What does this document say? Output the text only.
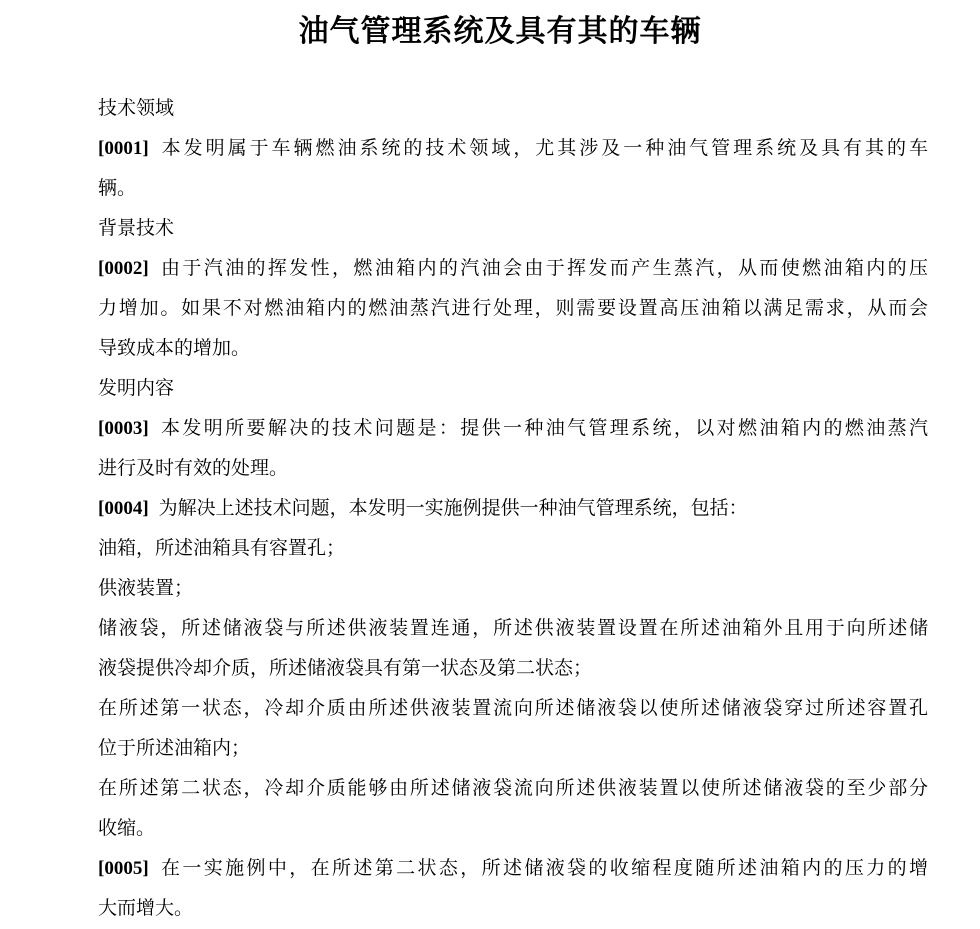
油气管理系统及具有其的车辆
技术领域
[0001] 本发明属于车辆燃油系统的技术领域，尤其涉及一种油气管理系统及具有其的车
辆。
背景技术
[0002] 由于汽油的挥发性，燃油箱内的汽油会由于挥发而产生蒸汽，从而使燃油箱内的压
力增加。如果不对燃油箱内的燃油蒸汽进行处理，则需要设置高压油箱以满足需求，从而会
导致成本的增加。
发明内容
[0003] 本发明所要解决的技术问题是：提供一种油气管理系统，以对燃油箱内的燃油蒸汽
进行及时有效的处理。
[0004] 为解决上述技术问题，本发明一实施例提供一种油气管理系统，包括：
油箱，所述油箱具有容置孔；
供液装置；
储液袋，所述储液袋与所述供液装置连通，所述供液装置设置在所述油箱外且用于向所述储
液袋提供冷却介质，所述储液袋具有第一状态及第二状态；
在所述第一状态，冷却介质由所述供液装置流向所述储液袋以使所述储液袋穿过所述容置孔
位于所述油箱内；
在所述第二状态，冷却介质能够由所述储液袋流向所述供液装置以使所述储液袋的至少部分
收缩。
[0005] 在一实施例中，在所述第二状态，所述储液袋的收缩程度随所述油箱内的压力的增
大而增大。
